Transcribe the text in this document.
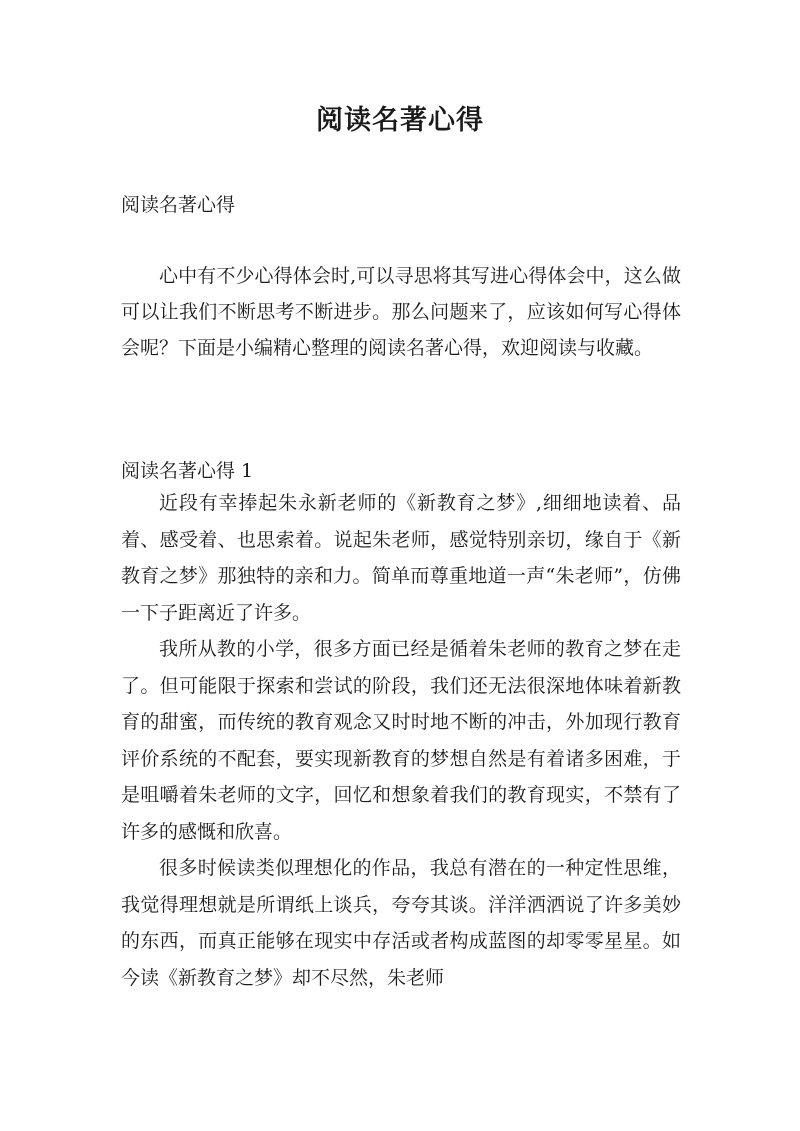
阅读名著心得

阅读名著心得

心中有不少心得体会时,可以寻思将其写进心得体会中，这么做可以让我们不断思考不断进步。那么问题来了，应该如何写心得体会呢？下面是小编精心整理的阅读名著心得，欢迎阅读与收藏。

阅读名著心得 1

近段有幸捧起朱永新老师的《新教育之梦》,细细地读着、品着、感受着、也思索着。说起朱老师，感觉特别亲切，缘自于《新教育之梦》那独特的亲和力。简单而尊重地道一声“朱老师”，仿佛一下子距离近了许多。

我所从教的小学，很多方面已经是循着朱老师的教育之梦在走了。但可能限于探索和尝试的阶段，我们还无法很深地体味着新教育的甜蜜，而传统的教育观念又时时地不断的冲击，外加现行教育评价系统的不配套，要实现新教育的梦想自然是有着诸多困难，于是咀嚼着朱老师的文字，回忆和想象着我们的教育现实，不禁有了许多的感慨和欣喜。

很多时候读类似理想化的作品，我总有潜在的一种定性思维，我觉得理想就是所谓纸上谈兵，夸夸其谈。洋洋洒洒说了许多美妙的东西，而真正能够在现实中存活或者构成蓝图的却零零星星。如今读《新教育之梦》却不尽然，朱老师
